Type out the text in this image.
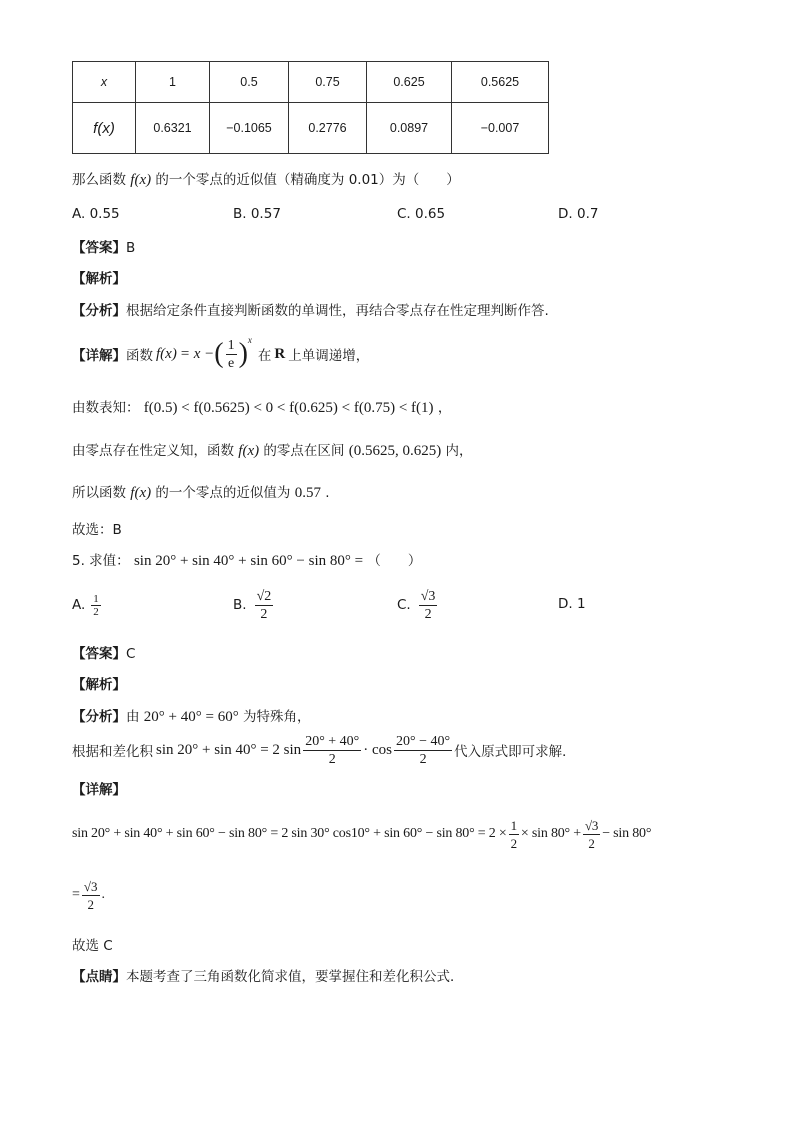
x	1	0.5	0.75	0.625	0.5625
f(x)	0.6321	−0.1065	0.2776	0.0897	−0.007
那么函数 f(x) 的一个零点的近似值（精确度为 0.01）为（　　）
A. 0.55	B. 0.57	C. 0.65	D. 0.7
【答案】B
【解析】
【分析】根据给定条件直接判断函数的单调性，再结合零点存在性定理判断作答.
【详解】 函数 f(x) = x − ( $\frac{1}{e} )^x$
在 R 上单调递增，
由数表知： f(0.5) < f(0.5625) < 0 < f(0.625) < f(0.75) < f(1) ，
由零点存在性定义知，函数 f(x) 的零点在区间 (0.5625, 0.625) 内，
所以函数 f(x) 的一个零点的近似值为 0.57 .
故选：B
5. 求值： sin 20° + sin 40° + sin 60° − sin 80° = （　　）
A. $\frac{1}{2}$	B. $\frac{√2}{2}$	C. $\frac{√3}{2}$	D. 1
【答案】C
【解析】
【分析】由 20° + 40° = 60° 为特殊角，
根据和差化积 sin 20° + sin 40° = 2 $\sin \frac{20^\circ + 40^\circ}{2} \cdot \cos \frac{20^\circ - 40^\circ}{2}$ 代入原式即可求解．
【详解】
sin 20° + sin 40° + sin 60° − sin 80° = 2 sin 30° $\cos 10^\circ + \sin 60^\circ - \sin 80^\circ = 2 \times \frac{1}{2} \times \sin 80^\circ + \frac{√3}{2} - \sin 80^\circ$
= $\frac{√3}{2}$ .
故选 C
【点睛】本题考查了三角函数化简求值，要掌握住和差化积公式．
